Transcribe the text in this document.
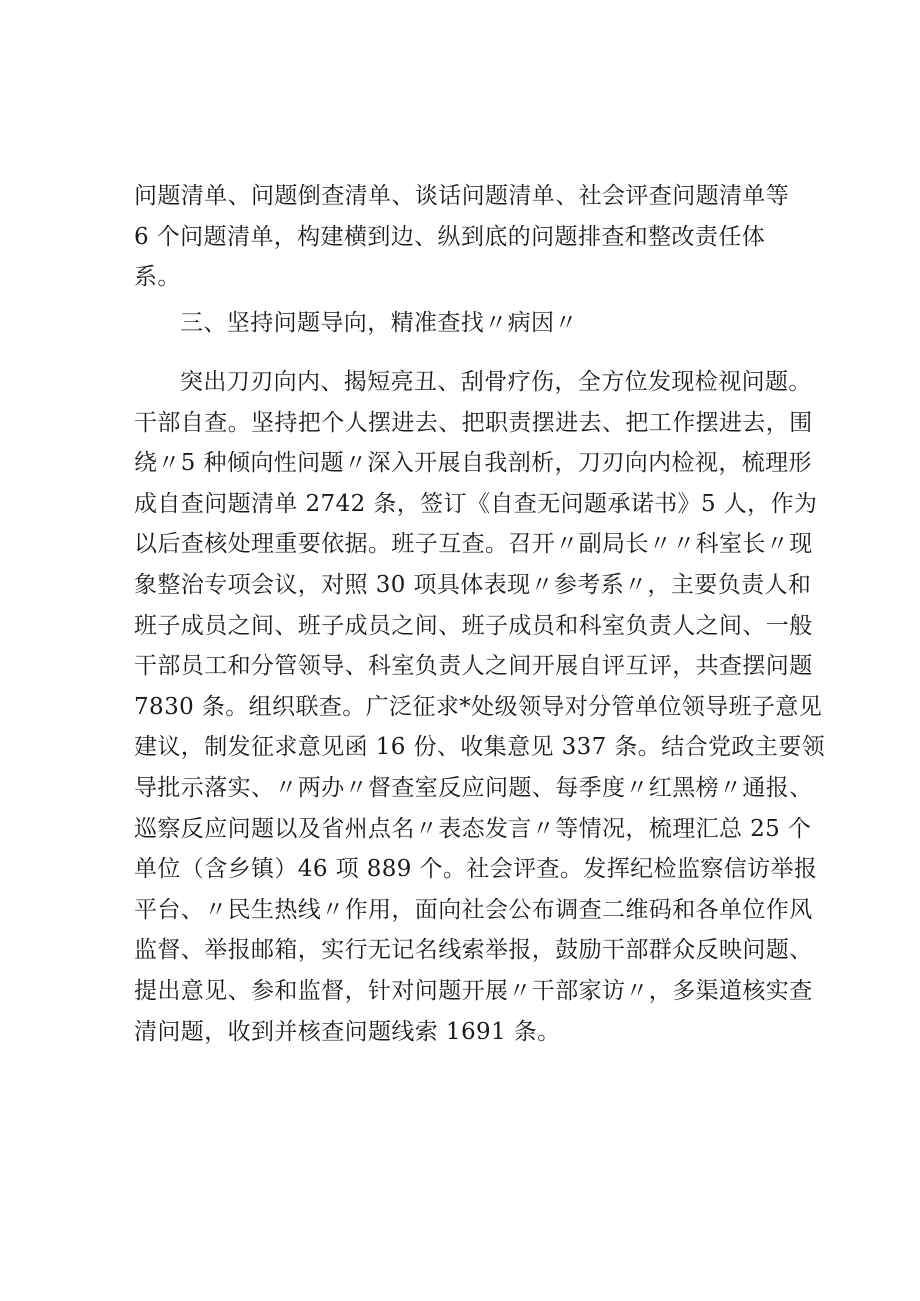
问题清单、问题倒查清单、谈话问题清单、社会评查问题清单等
6 个问题清单，构建横到边、纵到底的问题排查和整改责任体
系。
三、坚持问题导向，精准查找〃病因〃
突出刀刃向内、揭短亮丑、刮骨疗伤，全方位发现检视问题。
干部自查。坚持把个人摆进去、把职责摆进去、把工作摆进去，围
绕〃5 种倾向性问题〃深入开展自我剖析，刀刃向内检视，梳理形
成自查问题清单 2742 条，签订《自查无问题承诺书》5 人，作为
以后查核处理重要依据。班子互查。召开〃副局长〃〃科室长〃现
象整治专项会议，对照 30 项具体表现〃参考系〃，主要负责人和
班子成员之间、班子成员之间、班子成员和科室负责人之间、一般
干部员工和分管领导、科室负责人之间开展自评互评，共查摆问题
7830 条。组织联查。广泛征求*处级领导对分管单位领导班子意见
建议，制发征求意见函 16 份、收集意见 337 条。结合党政主要领
导批示落实、〃两办〃督查室反应问题、每季度〃红黑榜〃通报、
巡察反应问题以及省州点名〃表态发言〃等情况，梳理汇总 25 个
单位（含乡镇）46 项 889 个。社会评查。发挥纪检监察信访举报
平台、〃民生热线〃作用，面向社会公布调查二维码和各单位作风
监督、举报邮箱，实行无记名线索举报，鼓励干部群众反映问题、
提出意见、参和监督，针对问题开展〃干部家访〃，多渠道核实查
清问题，收到并核查问题线索 1691 条。
